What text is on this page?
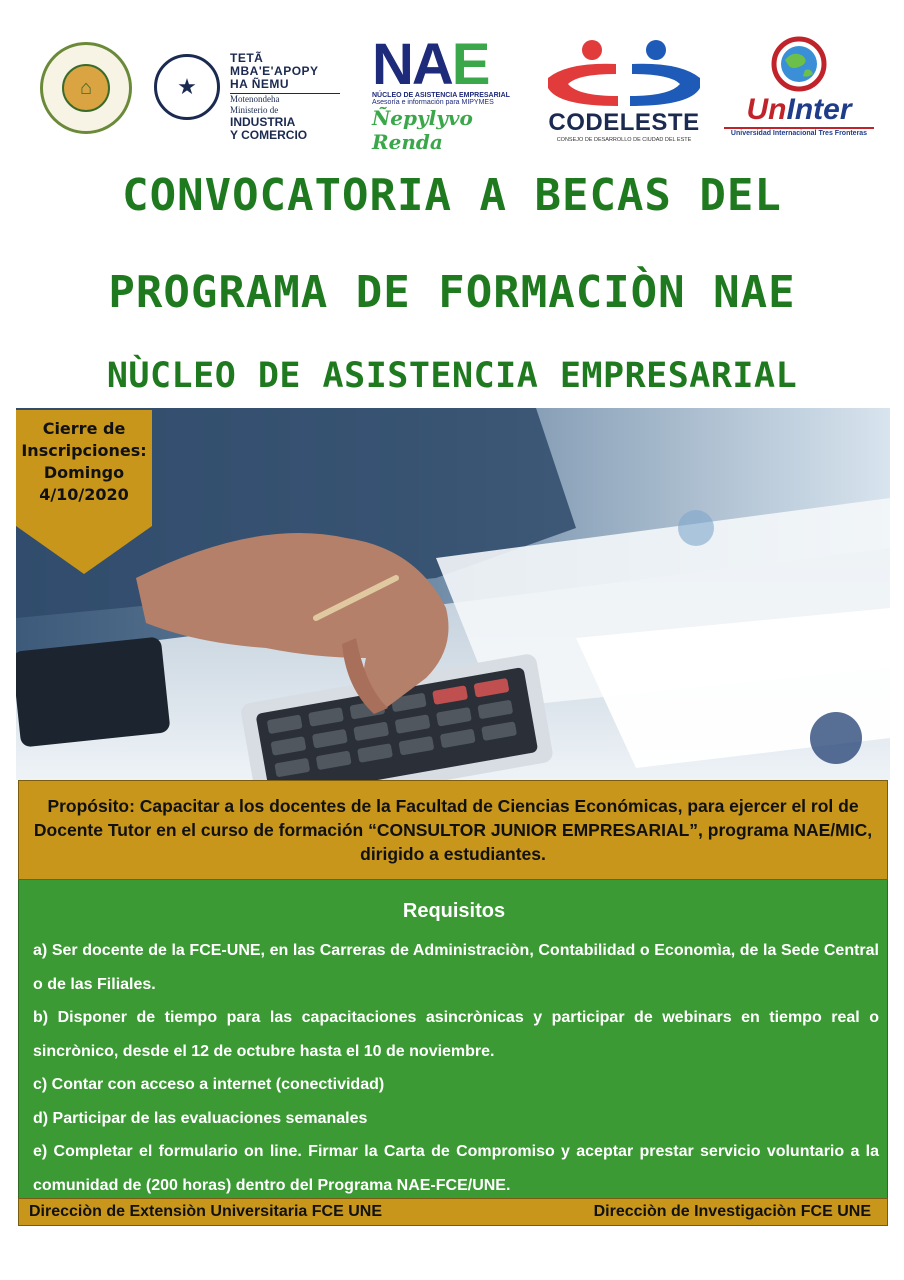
⌂	★
TETÃ MBA'E'APOPY
HA ÑEMU
Motenondeha
Ministerio de
INDUSTRIA
Y COMERCIO
NAE
NÚCLEO DE ASISTENCIA EMPRESARIAL
Asesoría e información para MIPYMES
Ñepylyvo Renda
CODELESTE
CONSEJO DE DESARROLLO DE CIUDAD DEL ESTE
UnInter
Universidad Internacional Tres Fronteras
CONVOCATORIA A BECAS DEL
PROGRAMA DE FORMACIÒN NAE
NÙCLEO DE ASISTENCIA EMPRESARIAL
Cierre de
Inscripciones:
Domingo
4/10/2020

Propósito: Capacitar a los docentes de la Facultad de Ciencias Económicas, para ejercer el rol de Docente Tutor en el curso de formación “CONSULTOR JUNIOR EMPRESARIAL”, programa NAE/MIC, dirigido a estudiantes.

Requisitos
a) Ser docente de la FCE-UNE, en las Carreras de Administraciòn, Contabilidad o Economìa, de la Sede Central o de las Filiales.
b) Disponer de tiempo para las capacitaciones asincrònicas y participar de webinars en tiempo real o sincrònico, desde el 12 de octubre hasta el 10 de noviembre.
c) Contar con acceso a internet (conectividad)
d) Participar de las evaluaciones semanales
e) Completar el formulario on line. Firmar la Carta de Compromiso y aceptar prestar servicio voluntario a la comunidad de (200 horas) dentro del Programa NAE-FCE/UNE.
Direcciòn de Extensiòn Universitaria FCE UNE	Direcciòn de Investigaciòn FCE UNE
